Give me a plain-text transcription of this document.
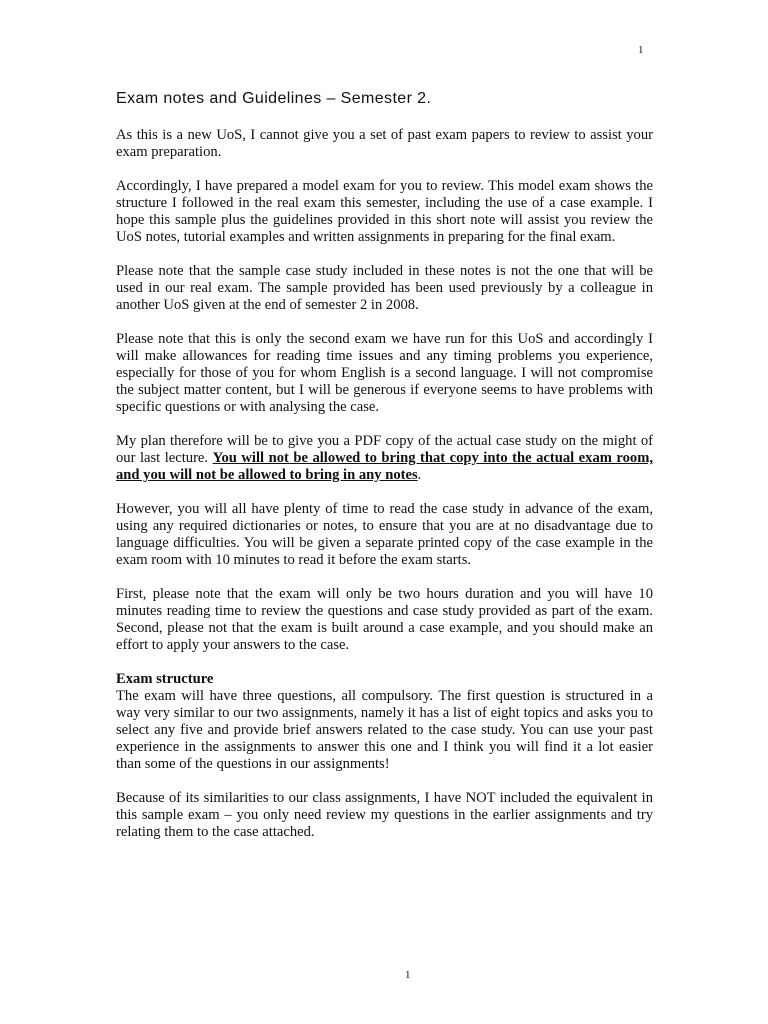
1
Exam notes and Guidelines – Semester 2.

As this is a new UoS, I cannot give you a set of past exam papers to review to assist your exam preparation.

Accordingly, I have prepared a model exam for you to review. This model exam shows the structure I followed in the real exam this semester, including the use of a case example. I hope this sample plus the guidelines provided in this short note will assist you review the UoS notes, tutorial examples and written assignments in preparing for the final exam.

Please note that the sample case study included in these notes is not the one that will be used in our real exam. The sample provided has been used previously by a colleague in another UoS given at the end of semester 2 in 2008.

Please note that this is only the second exam we have run for this UoS and accordingly I will make allowances for reading time issues and any timing problems you experience, especially for those of you for whom English is a second language. I will not compromise the subject matter content, but I will be generous if everyone seems to have problems with specific questions or with analysing the case.

My plan therefore will be to give you a PDF copy of the actual case study on the might of our last lecture. You will not be allowed to bring that copy into the actual exam room, and you will not be allowed to bring in any notes.

However, you will all have plenty of time to read the case study in advance of the exam, using any required dictionaries or notes, to ensure that you are at no disadvantage due to language difficulties. You will be given a separate printed copy of the case example in the exam room with 10 minutes to read it before the exam starts.

First, please note that the exam will only be two hours duration and you will have 10 minutes reading time to review the questions and case study provided as part of the exam. Second, please not that the exam is built around a case example, and you should make an effort to apply your answers to the case.

Exam structure
The exam will have three questions, all compulsory. The first question is structured in a way very similar to our two assignments, namely it has a list of eight topics and asks you to select any five and provide brief answers related to the case study. You can use your past experience in the assignments to answer this one and I think you will find it a lot easier than some of the questions in our assignments!

Because of its similarities to our class assignments, I have NOT included the equivalent in this sample exam – you only need review my questions in the earlier assignments and try relating them to the case attached.

1
